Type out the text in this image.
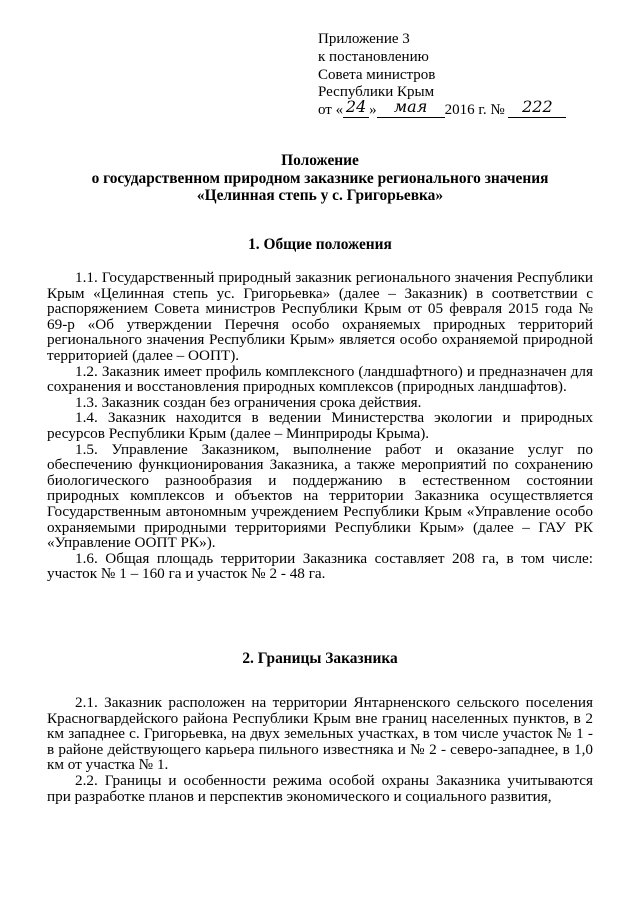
Приложение 3
к постановлению
Совета министров
Республики Крым
от « 24 » мая 2016 г. № 222
Положение
о государственном природном заказнике регионального значения
«Целинная степь у с. Григорьевка»
1. Общие положения

1.1. Государственный природный заказник регионального значения Республики Крым «Целинная степь ус. Григорьевка» (далее – Заказник) в соответствии с распоряжением Совета министров Республики Крым от 05 февраля 2015 года № 69-р «Об утверждении Перечня особо охраняемых природных территорий регионального значения Республики Крым» является особо охраняемой природной территорией (далее – ООПТ).

1.2. Заказник имеет профиль комплексного (ландшафтного) и предназначен для сохранения и восстановления природных комплексов (природных ландшафтов).

1.3. Заказник создан без ограничения срока действия.

1.4. Заказник находится в ведении Министерства экологии и природных ресурсов Республики Крым (далее – Минприроды Крыма).

1.5. Управление Заказником, выполнение работ и оказание услуг по обеспечению функционирования Заказника, а также мероприятий по сохранению биологического разнообразия и поддержанию в естественном состоянии природных комплексов и объектов на территории Заказника осуществляется Государственным автономным учреждением Республики Крым «Управление особо охраняемыми природными территориями Республики Крым» (далее – ГАУ РК «Управление ООПТ РК»).

1.6. Общая площадь территории Заказника составляет 208 га, в том числе: участок № 1 – 160 га и участок № 2 - 48 га.

2. Границы Заказника

2.1. Заказник расположен на территории Янтарненского сельского поселения Красногвардейского района Республики Крым вне границ населенных пунктов, в 2 км западнее с. Григорьевка, на двух земельных участках, в том числе участок № 1 - в районе действующего карьера пильного известняка и № 2 - северо-западнее, в 1,0 км от участка № 1.

2.2. Границы и особенности режима особой охраны Заказника учитываются при разработке планов и перспектив экономического и социального развития,
